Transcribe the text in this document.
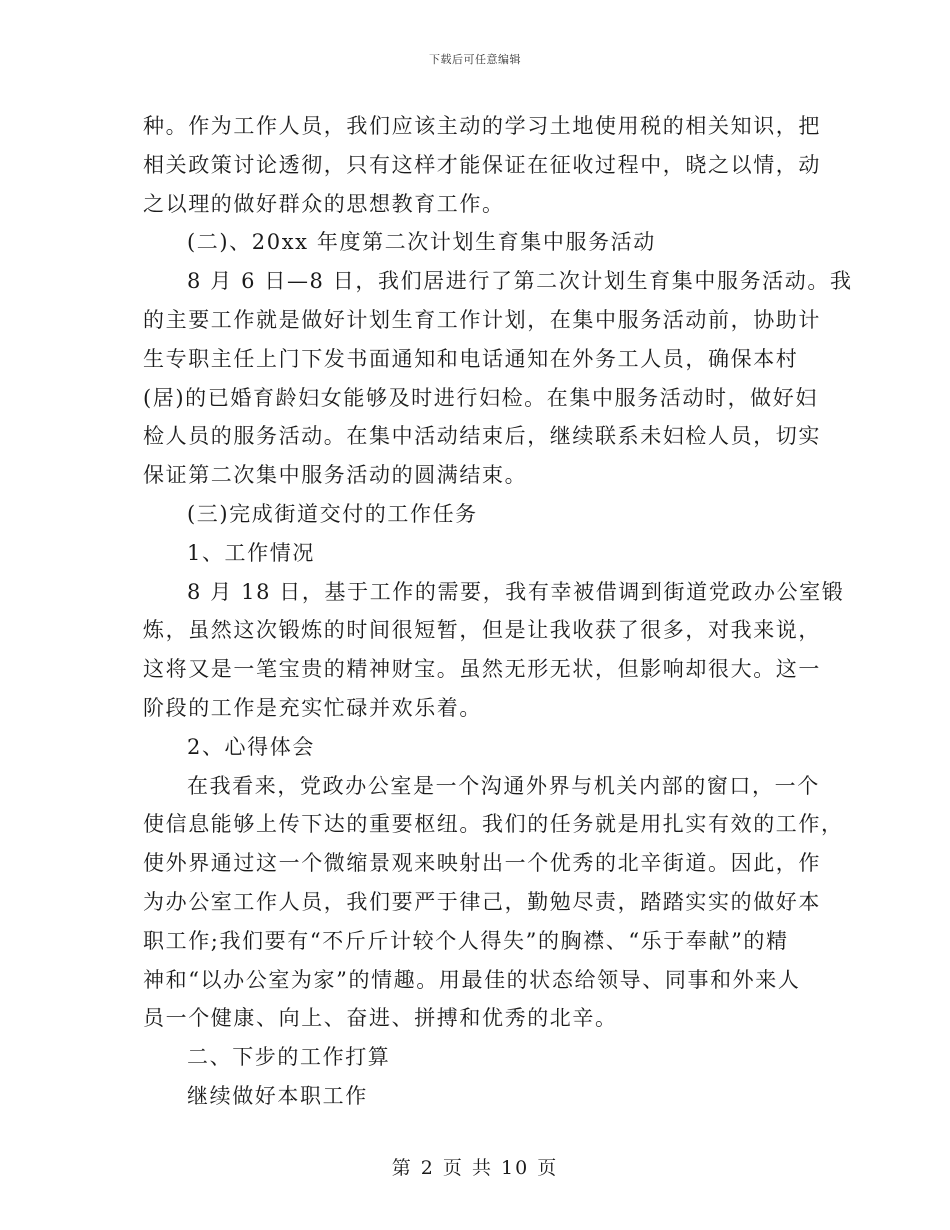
下载后可任意编辑
种。作为工作人员，我们应该主动的学习土地使用税的相关知识，把
相关政策讨论透彻，只有这样才能保证在征收过程中，晓之以情，动
之以理的做好群众的思想教育工作。
(二)、20xx 年度第二次计划生育集中服务活动
8 月 6 日—8 日，我们居进行了第二次计划生育集中服务活动。我
的主要工作就是做好计划生育工作计划，在集中服务活动前，协助计
生专职主任上门下发书面通知和电话通知在外务工人员，确保本村
(居)的已婚育龄妇女能够及时进行妇检。在集中服务活动时，做好妇
检人员的服务活动。在集中活动结束后，继续联系未妇检人员，切实
保证第二次集中服务活动的圆满结束。
(三)完成街道交付的工作任务
1、工作情况
8 月 18 日，基于工作的需要，我有幸被借调到街道党政办公室锻
炼，虽然这次锻炼的时间很短暂，但是让我收获了很多，对我来说，
这将又是一笔宝贵的精神财宝。虽然无形无状，但影响却很大。这一
阶段的工作是充实忙碌并欢乐着。
2、心得体会
在我看来，党政办公室是一个沟通外界与机关内部的窗口，一个
使信息能够上传下达的重要枢纽。我们的任务就是用扎实有效的工作，
使外界通过这一个微缩景观来映射出一个优秀的北辛街道。因此，作
为办公室工作人员，我们要严于律己，勤勉尽责，踏踏实实的做好本
职工作;我们要有“不斤斤计较个人得失”的胸襟、“乐于奉献”的精
神和“以办公室为家”的情趣。用最佳的状态给领导、同事和外来人
员一个健康、向上、奋进、拼搏和优秀的北辛。
二、下步的工作打算
继续做好本职工作
第 2 页 共 10 页
